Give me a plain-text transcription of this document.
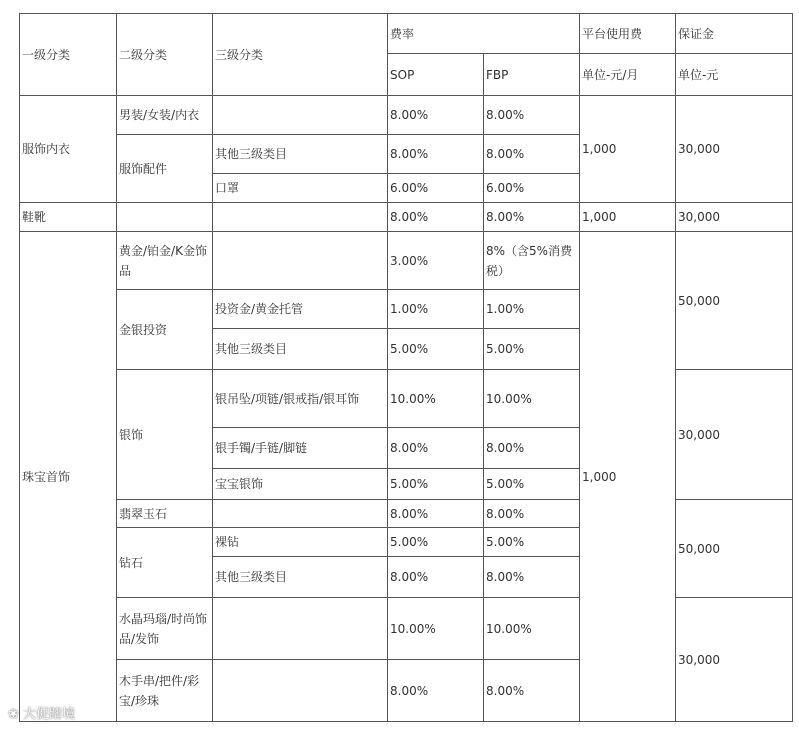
一级分类	二级分类	三级分类	费率		平台使用费	保证金
			SOP	FBP	单位-元/月	单位-元
服饰内衣	男装/女装/内衣		8.00%	8.00%	1,000	30,000
	服饰配件	其他三级类目	8.00%	8.00%		
		口罩	6.00%	6.00%		
鞋靴			8.00%	8.00%	1,000	30,000
珠宝首饰	黄金/铂金/K金饰品		3.00%	8%（含5%消费税）	1,000	50,000
	金银投资	投资金/黄金托管	1.00%	1.00%		
		其他三级类目	5.00%	5.00%		
	银饰	银吊坠/项链/银戒指/银耳饰	10.00%	10.00%		30,000
		银手镯/手链/脚链	8.00%	8.00%		
		宝宝银饰	5.00%	5.00%		
	翡翠玉石		8.00%	8.00%		50,000
	钻石	裸钻	5.00%	5.00%		
		其他三级类目	8.00%	8.00%		
	水晶玛瑙/时尚饰品/发饰		10.00%	10.00%		30,000
	木手串/把件/彩宝/珍珠		8.00%	8.00%		
❀ 大促踏境
